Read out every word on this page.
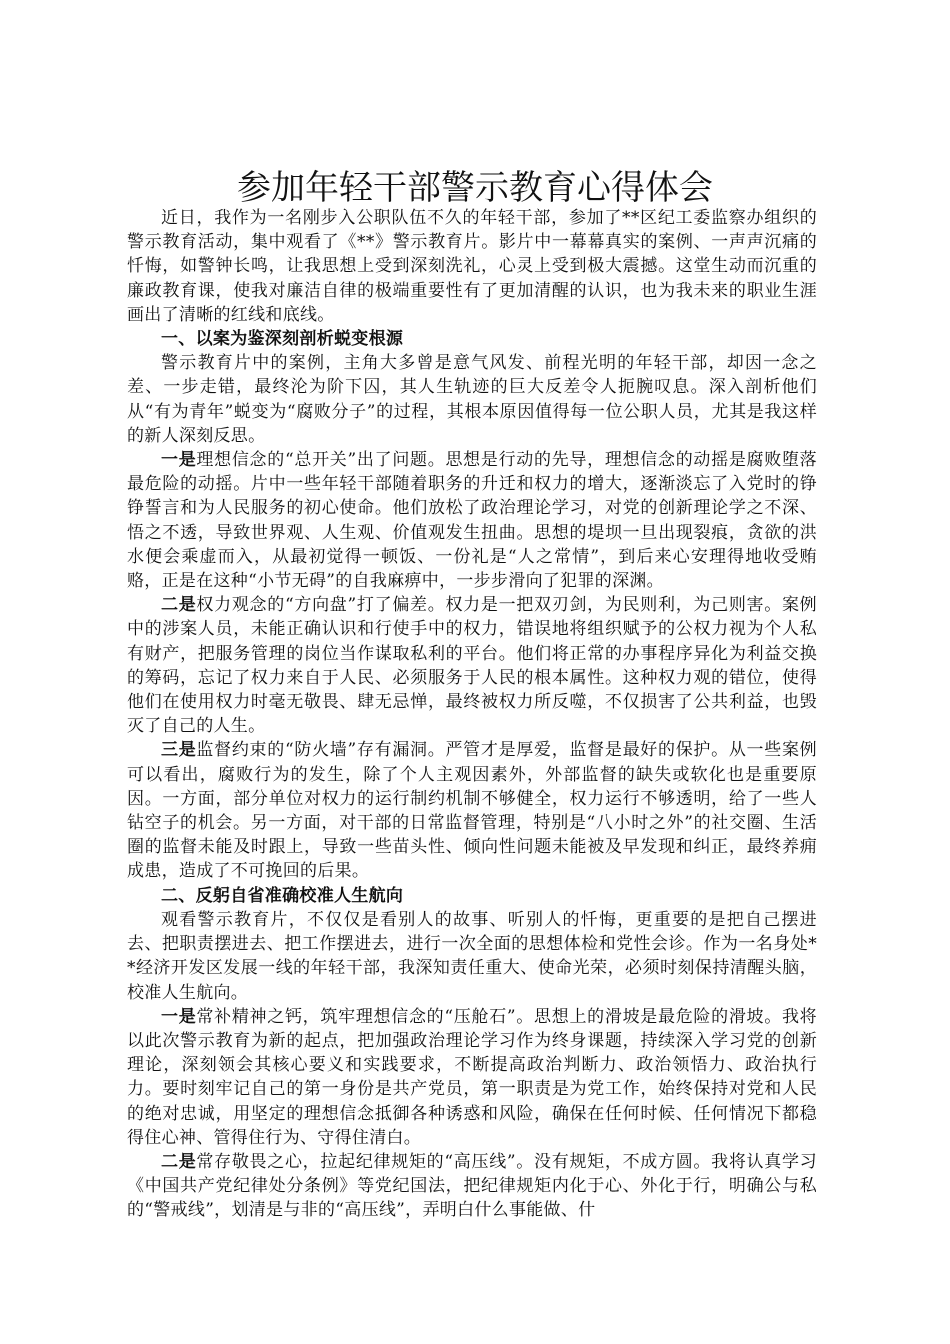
参加年轻干部警示教育心得体会

近日，我作为一名刚步入公职队伍不久的年轻干部，参加了**区纪工委监察办组织的警示教育活动，集中观看了《**》警示教育片。影片中一幕幕真实的案例、一声声沉痛的忏悔，如警钟长鸣，让我思想上受到深刻洗礼，心灵上受到极大震撼。这堂生动而沉重的廉政教育课，使我对廉洁自律的极端重要性有了更加清醒的认识，也为我未来的职业生涯画出了清晰的红线和底线。

一、以案为鉴深刻剖析蜕变根源

警示教育片中的案例，主角大多曾是意气风发、前程光明的年轻干部，却因一念之差、一步走错，最终沦为阶下囚，其人生轨迹的巨大反差令人扼腕叹息。深入剖析他们从“有为青年”蜕变为“腐败分子”的过程，其根本原因值得每一位公职人员，尤其是我这样的新人深刻反思。

一是理想信念的“总开关”出了问题。思想是行动的先导，理想信念的动摇是腐败堕落最危险的动摇。片中一些年轻干部随着职务的升迁和权力的增大，逐渐淡忘了入党时的铮铮誓言和为人民服务的初心使命。他们放松了政治理论学习，对党的创新理论学之不深、悟之不透，导致世界观、人生观、价值观发生扭曲。思想的堤坝一旦出现裂痕，贪欲的洪水便会乘虚而入，从最初觉得一顿饭、一份礼是“人之常情”，到后来心安理得地收受贿赂，正是在这种“小节无碍”的自我麻痹中，一步步滑向了犯罪的深渊。

二是权力观念的“方向盘”打了偏差。权力是一把双刃剑，为民则利，为己则害。案例中的涉案人员，未能正确认识和行使手中的权力，错误地将组织赋予的公权力视为个人私有财产，把服务管理的岗位当作谋取私利的平台。他们将正常的办事程序异化为利益交换的筹码，忘记了权力来自于人民、必须服务于人民的根本属性。这种权力观的错位，使得他们在使用权力时毫无敬畏、肆无忌惮，最终被权力所反噬，不仅损害了公共利益，也毁灭了自己的人生。

三是监督约束的“防火墙”存有漏洞。严管才是厚爱，监督是最好的保护。从一些案例可以看出，腐败行为的发生，除了个人主观因素外，外部监督的缺失或软化也是重要原因。一方面，部分单位对权力的运行制约机制不够健全，权力运行不够透明，给了一些人钻空子的机会。另一方面，对干部的日常监督管理，特别是“八小时之外”的社交圈、生活圈的监督未能及时跟上，导致一些苗头性、倾向性问题未能被及早发现和纠正，最终养痈成患，造成了不可挽回的后果。

二、反躬自省准确校准人生航向

观看警示教育片，不仅仅是看别人的故事、听别人的忏悔，更重要的是把自己摆进去、把职责摆进去、把工作摆进去，进行一次全面的思想体检和党性会诊。作为一名身处**经济开发区发展一线的年轻干部，我深知责任重大、使命光荣，必须时刻保持清醒头脑，校准人生航向。

一是常补精神之钙，筑牢理想信念的“压舱石”。思想上的滑坡是最危险的滑坡。我将以此次警示教育为新的起点，把加强政治理论学习作为终身课题，持续深入学习党的创新理论，深刻领会其核心要义和实践要求，不断提高政治判断力、政治领悟力、政治执行力。要时刻牢记自己的第一身份是共产党员，第一职责是为党工作，始终保持对党和人民的绝对忠诚，用坚定的理想信念抵御各种诱惑和风险，确保在任何时候、任何情况下都稳得住心神、管得住行为、守得住清白。

二是常存敬畏之心，拉起纪律规矩的“高压线”。没有规矩，不成方圆。我将认真学习《中国共产党纪律处分条例》等党纪国法，把纪律规矩内化于心、外化于行，明确公与私的“警戒线”，划清是与非的“高压线”，弄明白什么事能做、什
